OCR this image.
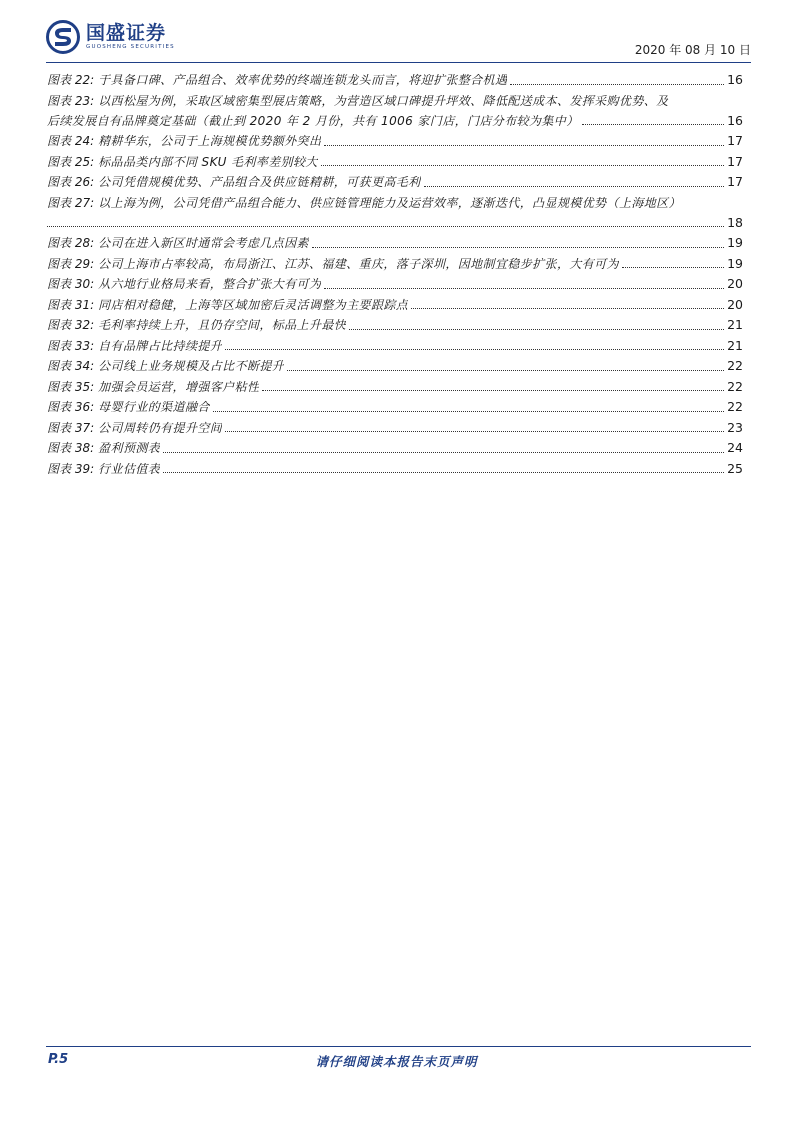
国盛证券
GUOSHENG SECURITIES	2020 年 08 月 10 日
图表 22: 于具备口碑、产品组合、效率优势的终端连锁龙头而言，将迎扩张整合机遇	16
图表 23: 以西松屋为例，采取区域密集型展店策略，为营造区域口碑提升坪效、降低配送成本、发挥采购优势、及
后续发展自有品牌奠定基础（截止到 2020 年 2 月份，共有 1006 家门店，门店分布较为集中）	16
图表 24: 精耕华东，公司于上海规模优势额外突出	17
图表 25: 标品品类内部不同 SKU 毛利率差别较大	17
图表 26: 公司凭借规模优势、产品组合及供应链精耕，可获更高毛利	17
图表 27: 以上海为例，公司凭借产品组合能力、供应链管理能力及运营效率，逐渐迭代，凸显规模优势（上海地区）
18
图表 28: 公司在进入新区时通常会考虑几点因素	19
图表 29: 公司上海市占率较高，布局浙江、江苏、福建、重庆，落子深圳，因地制宜稳步扩张，大有可为	19
图表 30: 从六地行业格局来看，整合扩张大有可为	20
图表 31: 同店相对稳健，上海等区域加密后灵活调整为主要跟踪点	20
图表 32: 毛利率持续上升，且仍存空间，标品上升最快	21
图表 33: 自有品牌占比持续提升	21
图表 34: 公司线上业务规模及占比不断提升	22
图表 35: 加强会员运营，增强客户粘性	22
图表 36: 母婴行业的渠道融合	22
图表 37: 公司周转仍有提升空间	23
图表 38: 盈利预测表	24
图表 39: 行业估值表	25
P.5	请仔细阅读本报告末页声明
